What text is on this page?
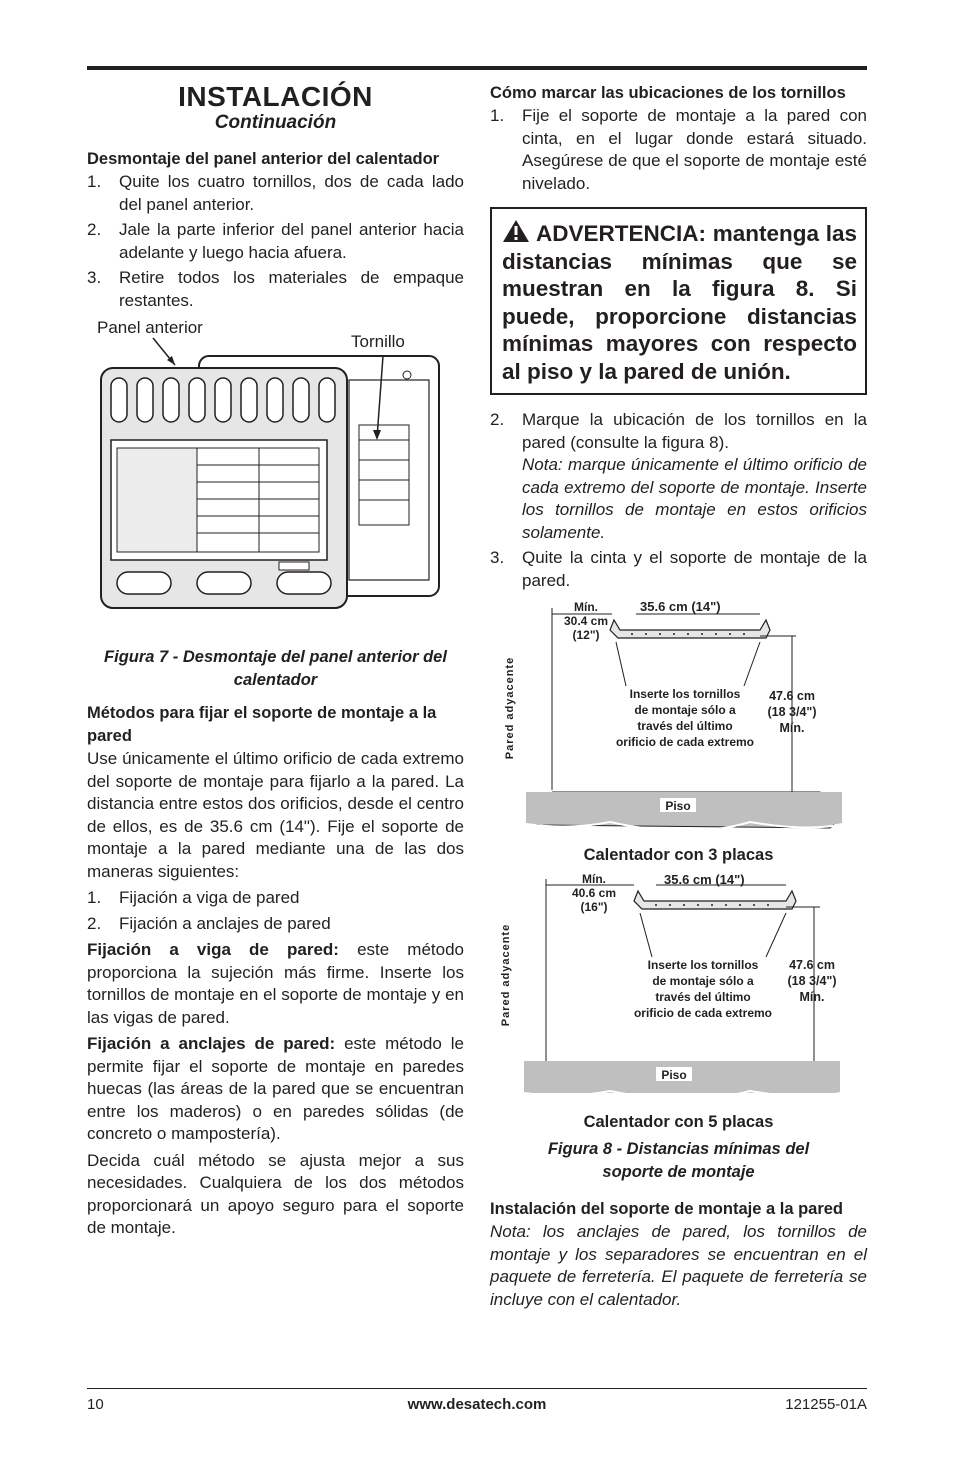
INSTALACIÓN
Continuación
Desmontaje del panel anterior del calentador
1. Quite los cuatro tornillos, dos de cada lado del panel anterior.
2. Jale la parte inferior del panel anterior hacia adelante y luego hacia afuera.
3. Retire todos los materiales de empaque restantes.
Panel anterior
Tornillo
Figura 7 - Desmontaje del panel anterior del calentador
Métodos para fijar el soporte de montaje a la pared

Use únicamente el último orificio de cada extremo del soporte de montaje para fijarlo a la pared. La distancia entre estos dos orificios, desde el centro de ellos, es de 35.6 cm (14"). Fije el soporte de montaje a la pared mediante una de las dos maneras siguientes:

1. Fijación a viga de pared
2. Fijación a anclajes de pared

Fijación a viga de pared: este método proporciona la sujeción más firme. Inserte los tornillos de montaje en el soporte de montaje y en las vigas de pared.

Fijación a anclajes de pared: este método le permite fijar el soporte de montaje en paredes huecas (las áreas de la pared que se encuentran entre los maderos) o en paredes sólidas (de concreto o mampostería).

Decida cuál método se ajusta mejor a sus necesidades. Cualquiera de los dos métodos proporcionará un apoyo seguro para el soporte de montaje.

Cómo marcar las ubicaciones de los tornillos
1. Fije el soporte de montaje a la pared con cinta, en el lugar donde estará situado. Asegúrese de que el soporte de montaje esté nivelado.
ADVERTENCIA: mantenga las distancias mínimas que se muestran en la figura 8. Si puede, proporcione distancias mínimas mayores con respecto al piso y la pared de unión.
2. Marque la ubicación de los tornillos en la pared (consulte la figura 8).
Nota: marque únicamente el último orificio de cada extremo del soporte de montaje. Inserte los tornillos de montaje en estos orificios solamente.
3. Quite la cinta y el soporte de montaje de la pared.
Mín.
30.4 cm
(12")
35.6 cm (14")
Pared adyacente	Inserte los tornillos
de montaje sólo a
través del último
orificio de cada extremo
47.6 cm
(18 3/4")
Mín.
Piso
Calentador con 3 placas
Mín.
40.6 cm
(16")
35.6 cm (14")
Pared adyacente	Inserte los tornillos
de montaje sólo a
través del último
orificio de cada extremo
47.6 cm
(18 3/4")
Mín.
Piso
Calentador con 5 placas
Figura 8 - Distancias mínimas del soporte de montaje
Instalación del soporte de montaje a la pared

Nota: los anclajes de pared, los tornillos de montaje y los separadores se encuentran en el paquete de ferretería. El paquete de ferretería se incluye con el calentador.

10	www.desatech.com	121255-01A
